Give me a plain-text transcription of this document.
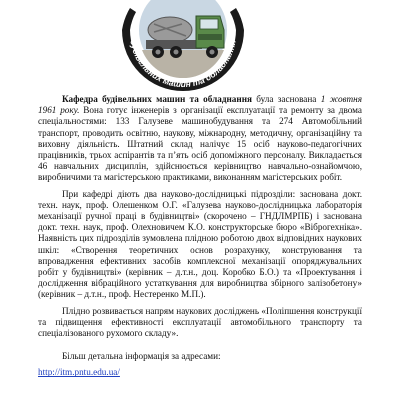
будівельних машин та обладнання

Кафедра будівельних машин та обладнання була заснована 1 жовтня 1961 року. Вона готує інженерів з організації експлуатації та ремонту за двома спеціальностями: 133 Галузеве машинобудування та 274 Автомобільний транспорт, проводить освітню, наукову, міжнародну, методичну, організаційну та виховну діяльність. Штатний склад налічує 15 осіб науково-педагогічних працівників, трьох аспірантів та п’ять осіб допоміжного персоналу. Викладається 46 навчальних дисциплін, здійснюється керівництво навчально-ознайомчою, виробничими та магістерською практиками, виконанням магістерських робіт.

При кафедрі діють два науково-дослідницькі підрозділи: заснована докт. техн. наук, проф. Олешенком О.Г. «Галузева науково-дослідницька лабораторія механізації ручної праці в будівництві» (скорочено – ГНДЛМРПБ) і заснована докт. техн. наук, проф. Олехновичем К.О. конструкторське бюро «Віброгехніка». Наявність цих підрозділів зумовлена плідною роботою двох відповідних наукових шкіл: «Створення теоретичних основ розрахунку, конструювання та впровадження ефективних засобів комплексної механізації опоряджувальних робіт у будівництві» (керівник – д.т.н., доц. Коробко Б.О.) та «Проектування і дослідження вібраційного устаткування для виробництва збірного залізобетону» (керівник – д.т.н., проф. Нестеренко М.П.).

Плідно розвивається напрям наукових досліджень «Поліпшення конструкції та підвищення ефективності експлуатації автомобільного транспорту та спеціалізованого рухомого складу».

Більш детальна інформація за адресами:

http://itm.pntu.edu.ua/
